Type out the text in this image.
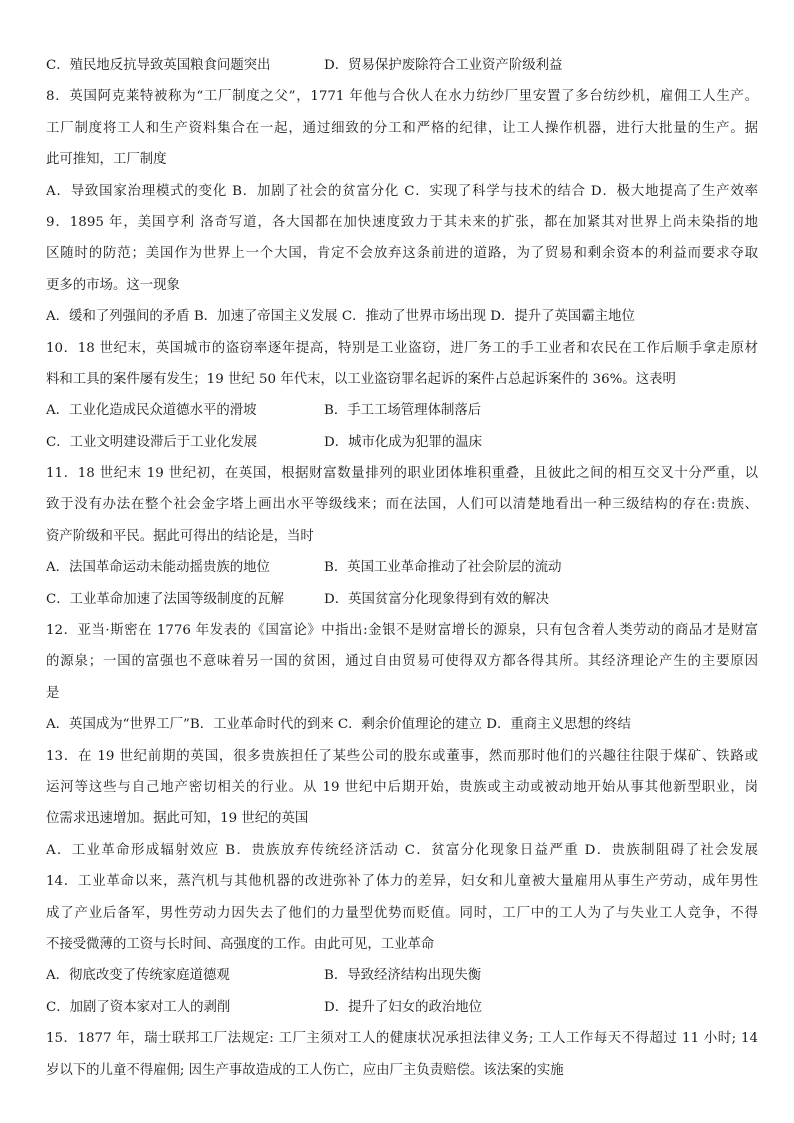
C．殖民地反抗导致英国粮食问题突出	D．贸易保护废除符合工业资产阶级利益
8．英国阿克莱特被称为“工厂制度之父”，1771 年他与合伙人在水力纺纱厂里安置了多台纺纱机，雇佣工人生产。
工厂制度将工人和生产资料集合在一起，通过细致的分工和严格的纪律，让工人操作机器，进行大批量的生产。据
此可推知，工厂制度
A．导致国家治理模式的变化 B．加剧了社会的贫富分化 C．实现了科学与技术的结合 D．极大地提高了生产效率
9．1895 年，美国亨利 洛奇写道，各大国都在加快速度致力于其未来的扩张，都在加紧其对世界上尚未染指的地
区随时的防范；美国作为世界上一个大国，肯定不会放弃这条前进的道路，为了贸易和剩余资本的利益而要求夺取
更多的市场。这一现象
A．缓和了列强间的矛盾 B．加速了帝国主义发展 C．推动了世界市场出现 D．提升了英国霸主地位
10．18 世纪末，英国城市的盗窃率逐年提高，特别是工业盗窃，进厂务工的手工业者和农民在工作后顺手拿走原材
料和工具的案件屡有发生；19 世纪 50 年代末，以工业盗窃罪名起诉的案件占总起诉案件的 36%。这表明
A．工业化造成民众道德水平的滑坡	B．手工工场管理体制落后
C．工业文明建设滞后于工业化发展	D．城市化成为犯罪的温床
11．18 世纪末 19 世纪初，在英国，根据财富数量排列的职业团体堆积重叠，且彼此之间的相互交叉十分严重，以
致于没有办法在整个社会金字塔上画出水平等级线来；而在法国，人们可以清楚地看出一种三级结构的存在:贵族、
资产阶级和平民。据此可得出的结论是，当时
A．法国革命运动未能动摇贵族的地位	B．英国工业革命推动了社会阶层的流动
C．工业革命加速了法国等级制度的瓦解	D．英国贫富分化现象得到有效的解决
12．亚当·斯密在 1776 年发表的《国富论》中指出:金银不是财富增长的源泉，只有包含着人类劳动的商品才是财富
的源泉；一国的富强也不意味着另一国的贫困，通过自由贸易可使得双方都各得其所。其经济理论产生的主要原因
是
A．英国成为“世界工厂”B．工业革命时代的到来 C．剩余价值理论的建立 D．重商主义思想的终结
13．在 19 世纪前期的英国，很多贵族担任了某些公司的股东或董事，然而那时他们的兴趣往往限于煤矿、铁路或
运河等这些与自己地产密切相关的行业。从 19 世纪中后期开始，贵族或主动或被动地开始从事其他新型职业，岗
位需求迅速增加。据此可知，19 世纪的英国
A．工业革命形成辐射效应 B．贵族放弃传统经济活动 C．贫富分化现象日益严重 D．贵族制阻碍了社会发展
14．工业革命以来，蒸汽机与其他机器的改进弥补了体力的差异，妇女和儿童被大量雇用从事生产劳动，成年男性
成了产业后备军，男性劳动力因失去了他们的力量型优势而贬值。同时，工厂中的工人为了与失业工人竞争，不得
不接受微薄的工资与长时间、高强度的工作。由此可见，工业革命
A．彻底改变了传统家庭道德观	B．导致经济结构出现失衡
C．加剧了资本家对工人的剥削	D．提升了妇女的政治地位
15．1877 年，瑞士联邦工厂法规定: 工厂主须对工人的健康状况承担法律义务; 工人工作每天不得超过 11 小时; 14
岁以下的儿童不得雇佣; 因生产事故造成的工人伤亡，应由厂主负责赔偿。该法案的实施
